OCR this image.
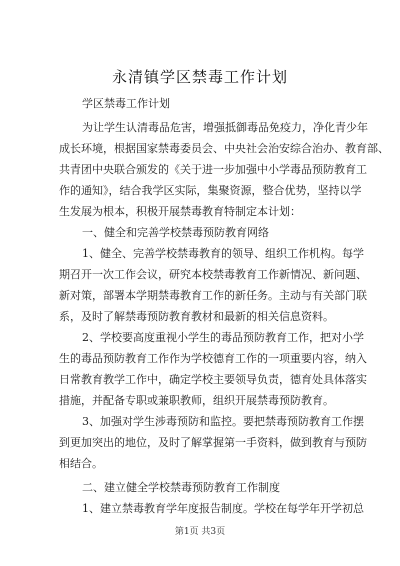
永清镇学区禁毒工作计划
学区禁毒工作计划
为让学生认清毒品危害，增强抵御毒品免疫力，净化青少年
成长环境，根据国家禁毒委员会、中央社会治安综合治办、教育部、
共青团中央联合颁发的《关于进一步加强中小学毒品预防教育工
作的通知》，结合我学区实际，集聚资源，整合优势，坚持以学
生发展为根本，积极开展禁毒教育特制定本计划：
一、健全和完善学校禁毒预防教育网络
1、健全、完善学校禁毒教育的领导、组织工作机构。每学
期召开一次工作会议，研究本校禁毒教育工作新情况、新问题、
新对策，部署本学期禁毒教育工作的新任务。主动与有关部门联
系，及时了解禁毒预防教育教材和最新的相关信息资料。
2、学校要高度重视小学生的毒品预防教育工作，把对小学
生的毒品预防教育工作作为学校德育工作的一项重要内容，纳入
日常教育教学工作中，确定学校主要领导负责，德育处具体落实
措施，并配备专职或兼职教师，组织开展禁毒预防教育。
3、加强对学生涉毒预防和监控。要把禁毒预防教育工作摆
到更加突出的地位，及时了解掌握第一手资料，做到教育与预防
相结合。
二、建立健全学校禁毒预防教育工作制度
1、建立禁毒教育学年度报告制度。学校在每学年开学初总
第1页 共3页
